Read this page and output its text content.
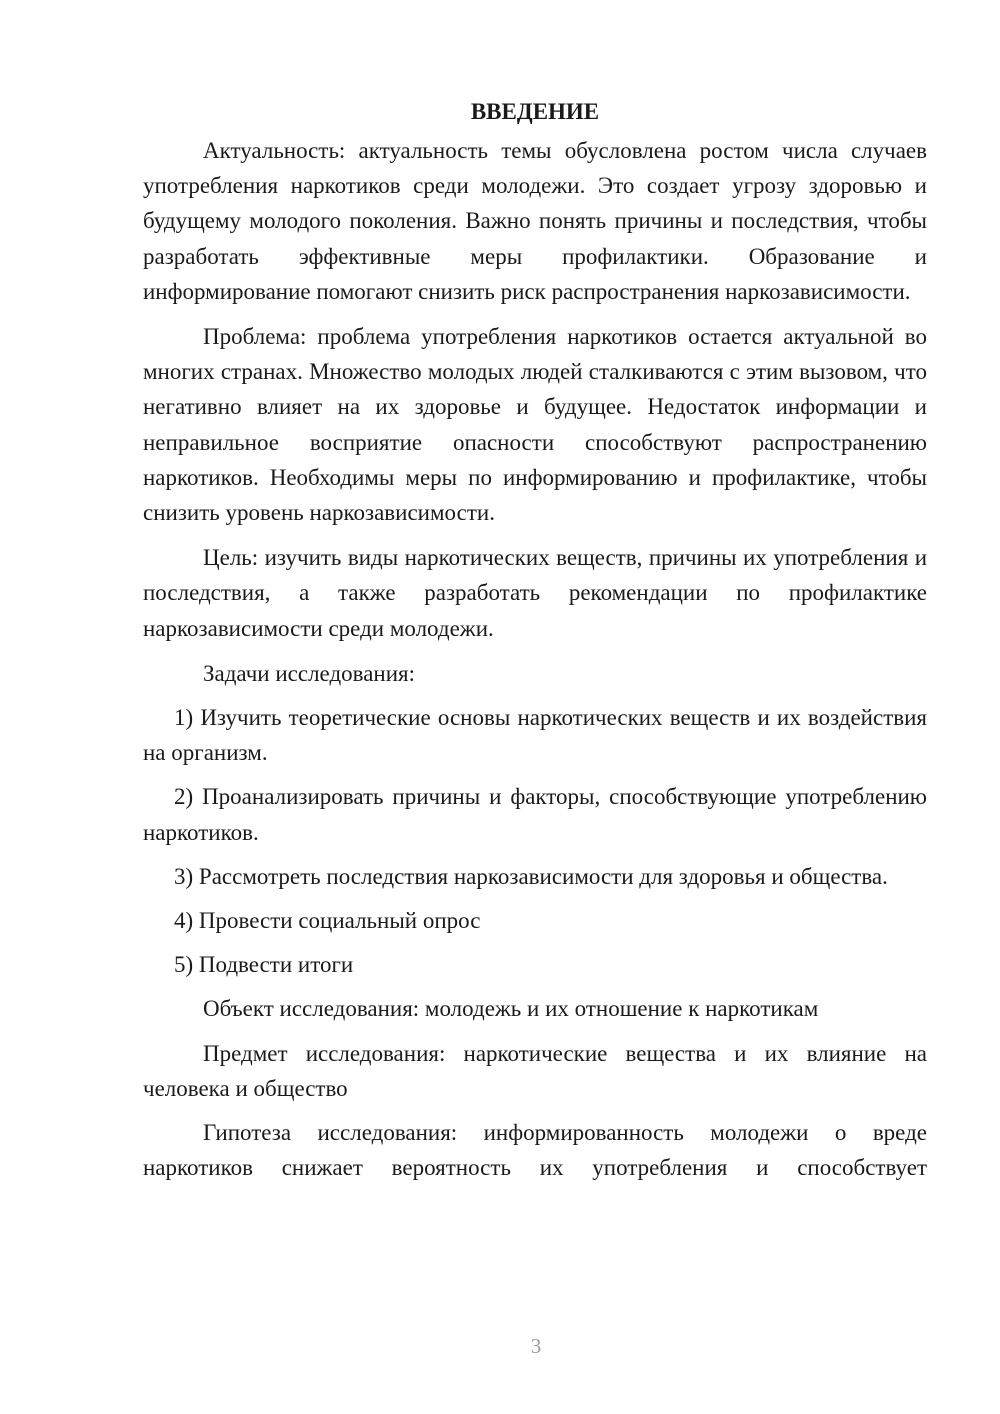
ВВЕДЕНИЕ

Актуальность: актуальность темы обусловлена ростом числа случаев употребления наркотиков среди молодежи. Это создает угрозу здоровью и будущему молодого поколения. Важно понять причины и последствия, чтобы разработать эффективные меры профилактики. Образование и информирование помогают снизить риск распространения наркозависимости.

Проблема: проблема употребления наркотиков остается актуальной во многих странах. Множество молодых людей сталкиваются с этим вызовом, что негативно влияет на их здоровье и будущее. Недостаток информации и неправильное восприятие опасности способствуют распространению наркотиков. Необходимы меры по информированию и профилактике, чтобы снизить уровень наркозависимости.

Цель: изучить виды наркотических веществ, причины их употребления и последствия, а также разработать рекомендации по профилактике наркозависимости среди молодежи.

Задачи исследования:

1) Изучить теоретические основы наркотических веществ и их воздействия на организм.

2) Проанализировать причины и факторы, способствующие употреблению наркотиков.

3) Рассмотреть последствия наркозависимости для здоровья и общества.

4) Провести социальный опрос

5) Подвести итоги

Объект исследования: молодежь и их отношение к наркотикам

Предмет исследования: наркотические вещества и их влияние на человека и общество

Гипотеза исследования: информированность молодежи о вреде наркотиков снижает вероятность их употребления и способствует

3
